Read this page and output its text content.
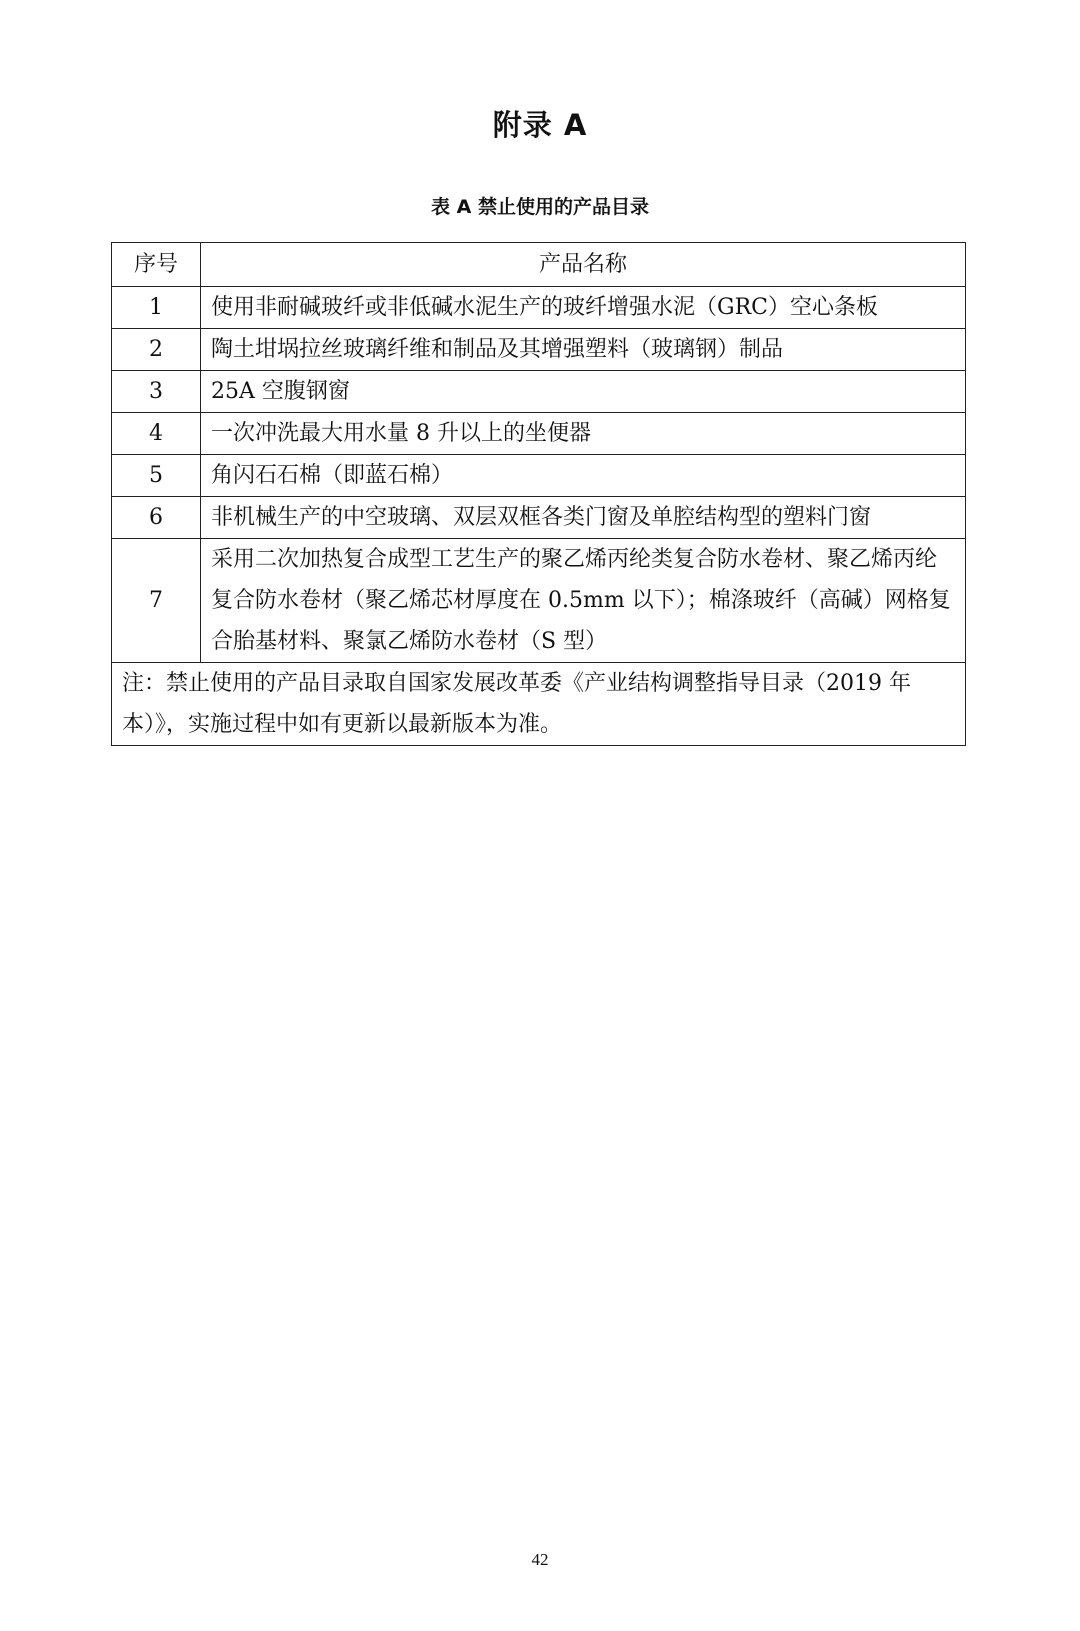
附录 A
表 A 禁止使用的产品目录
序号	产品名称
1	使用非耐碱玻纤或非低碱水泥生产的玻纤增强水泥（GRC）空心条板
2	陶土坩埚拉丝玻璃纤维和制品及其增强塑料（玻璃钢）制品
3	25A 空腹钢窗
4	一次冲洗最大用水量 8 升以上的坐便器
5	角闪石石棉（即蓝石棉）
6	非机械生产的中空玻璃、双层双框各类门窗及单腔结构型的塑料门窗
7	采用二次加热复合成型工艺生产的聚乙烯丙纶类复合防水卷材、聚乙烯丙纶复合防水卷材（聚乙烯芯材厚度在 0.5mm 以下）；棉涤玻纤（高碱）网格复合胎基材料、聚氯乙烯防水卷材（S 型）
注：禁止使用的产品目录取自国家发展改革委《产业结构调整指导目录（2019 年本）》，实施过程中如有更新以最新版本为准。	
42
